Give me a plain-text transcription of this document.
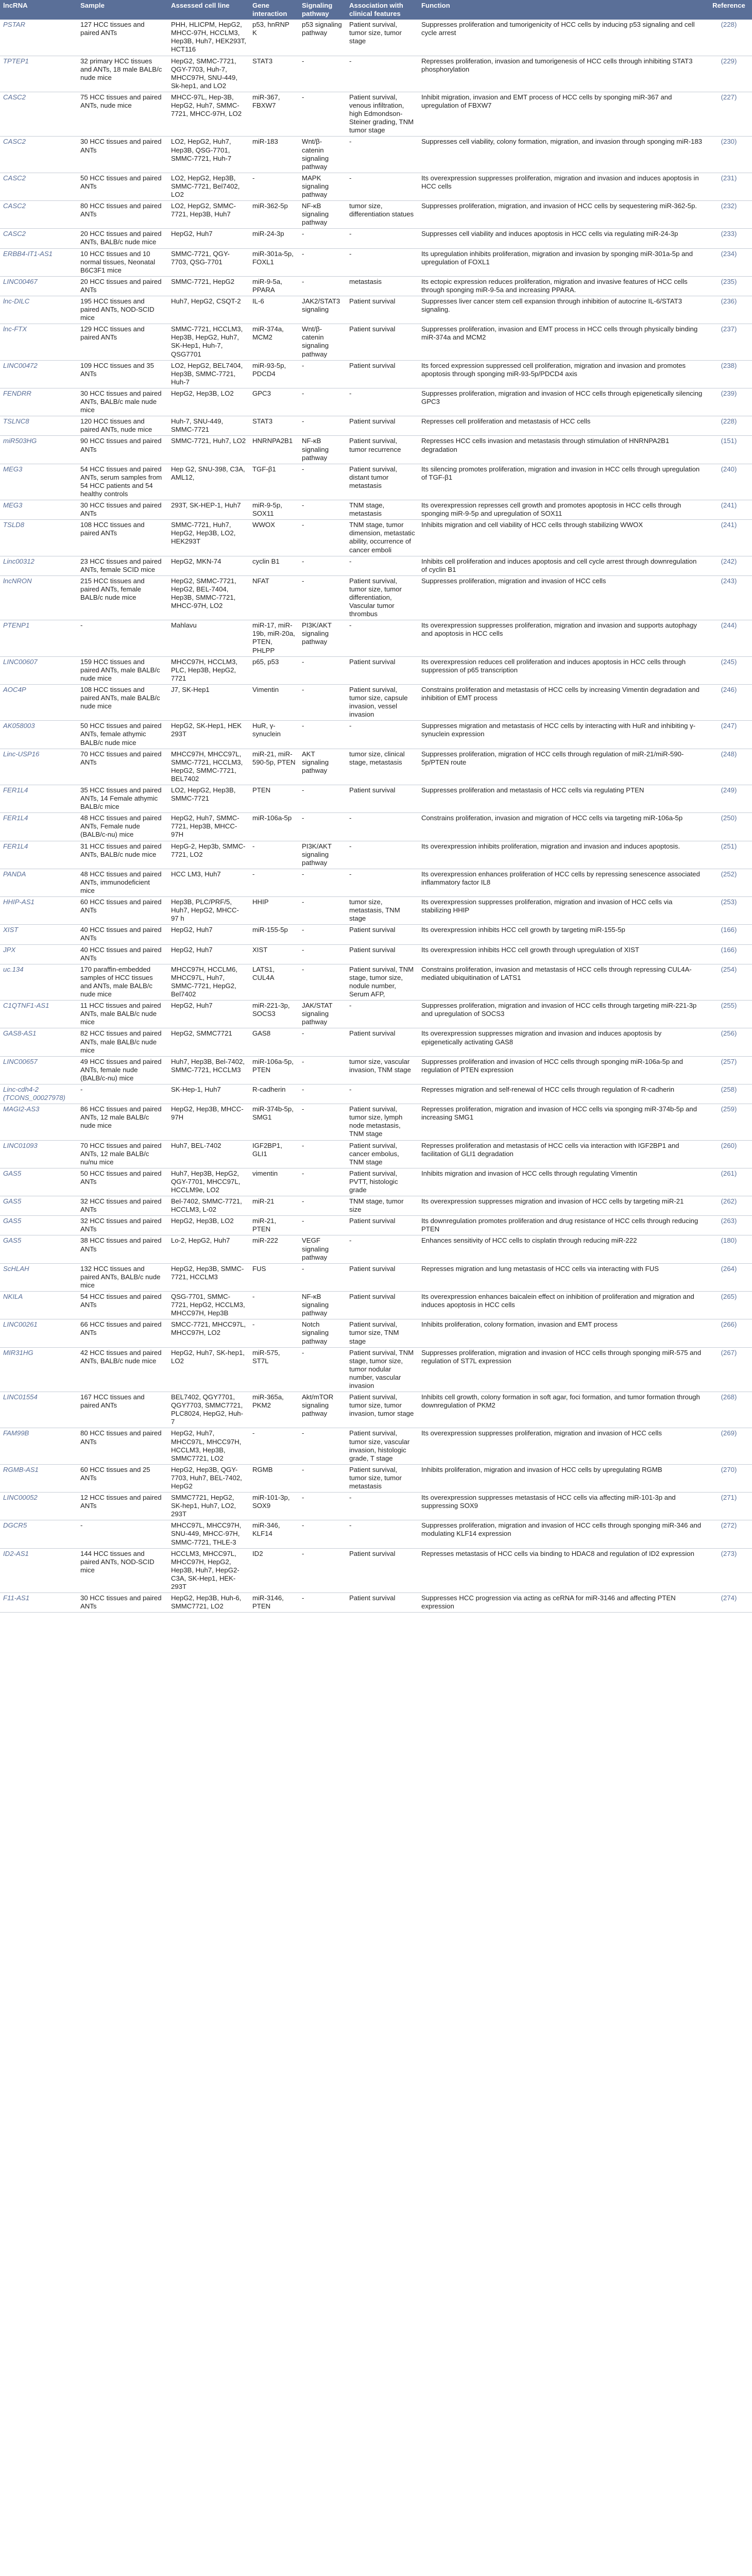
lncRNA	Sample	Assessed cell line	Gene interaction	Signaling pathway	Association with clinical features	Function	Reference
PSTAR	127 HCC tissues and paired ANTs	PHH, HLICPM, HepG2, MHCC-97H, HCCLM3, Hep3B, Huh7, HEK293T, HCT116	p53, hnRNP K	p53 signaling pathway	Patient survival, tumor size, tumor stage	Suppresses proliferation and tumorigenicity of HCC cells by inducing p53 signaling and cell cycle arrest	(228)
TPTEP1	32 primary HCC tissues and ANTs, 18 male BALB/c nude mice	HepG2, SMMC-7721, QGY-7703, Huh-7, MHCC97H, SNU-449, Sk-hep1, and LO2	STAT3	-	-	Represses proliferation, invasion and tumorigenesis of HCC cells through inhibiting STAT3 phosphorylation	(229)
CASC2	75 HCC tissues and paired ANTs, nude mice	MHCC-97L, Hep-3B, HepG2, Huh7, SMMC-7721, MHCC-97H, LO2	miR-367, FBXW7	-	Patient survival, venous infiltration, high Edmondson-Steiner grading, TNM tumor stage	Inhibit migration, invasion and EMT process of HCC cells by sponging miR-367 and upregulation of FBXW7	(227)
CASC2	30 HCC tissues and paired ANTs	LO2, HepG2, Huh7, Hep3B, QSG-7701, SMMC-7721, Huh-7	miR-183	Wnt/β-catenin signaling pathway	-	Suppresses cell viability, colony formation, migration, and invasion through sponging miR-183	(230)
CASC2	50 HCC tissues and paired ANTs	LO2, HepG2, Hep3B, SMMC-7721, Bel7402, LO2	-	MAPK signaling pathway	-	Its overexpression suppresses proliferation, migration and invasion and induces apoptosis in HCC cells	(231)
CASC2	80 HCC tissues and paired ANTs	LO2, HepG2, SMMC-7721, Hep3B, Huh7	miR-362-5p	NF-κB signaling pathway	tumor size, differentiation statues	Suppresses proliferation, migration, and invasion of HCC cells by sequestering miR-362-5p.	(232)
CASC2	20 HCC tissues and paired ANTs, BALB/c nude mice	HepG2, Huh7	miR-24-3p	-	-	Suppresses cell viability and induces apoptosis in HCC cells via regulating miR-24-3p	(233)
ERBB4-IT1-AS1	10 HCC tissues and 10 normal tissues, Neonatal B6C3F1 mice	SMMC-7721, QGY-7703, QSG-7701	miR-301a-5p, FOXL1	-	-	Its upregulation inhibits proliferation, migration and invasion by sponging miR-301a-5p and upregulation of FOXL1	(234)
LINC00467	20 HCC tissues and paired ANTs	SMMC-7721, HepG2	miR-9-5a, PPARA	-	metastasis	Its ectopic expression reduces proliferation, migration and invasive features of HCC cells through sponging miR-9-5a and increasing PPARA.	(235)
lnc-DILC	195 HCC tissues and paired ANTs, NOD-SCID mice	Huh7, HepG2, CSQT-2	IL-6	JAK2/STAT3 signaling	Patient survival	Suppresses liver cancer stem cell expansion through inhibition of autocrine IL-6/STAT3 signaling.	(236)
lnc-FTX	129 HCC tissues and paired ANTs	SMMC-7721, HCCLM3, Hep3B, HepG2, Huh7, SK-Hep1, Huh-7, QSG7701	miR-374a, MCM2	Wnt/β-catenin signaling pathway	Patient survival	Suppresses proliferation, invasion and EMT process in HCC cells through physically binding miR-374a and MCM2	(237)
LINC00472	109 HCC tissues and 35 ANTs	LO2, HepG2, BEL7404, Hep3B, SMMC-7721, Huh-7	miR-93-5p, PDCD4	-	Patient survival	Its forced expression suppressed cell proliferation, migration and invasion and promotes apoptosis through sponging miR-93-5p/PDCD4 axis	(238)
FENDRR	30 HCC tissues and paired ANTs, BALB/c male nude mice	HepG2, Hep3B, LO2	GPC3	-	-	Suppresses proliferation, migration and invasion of HCC cells through epigenetically silencing GPC3	(239)
TSLNC8	120 HCC tissues and paired ANTs, nude mice	Huh-7, SNU-449, SMMC-7721	STAT3	-	Patient survival	Represses cell proliferation and metastasis of HCC cells	(228)
miR503HG	90 HCC tissues and paired ANTs	SMMC-7721, Huh7, LO2	HNRNPA2B1	NF-κB signaling pathway	Patient survival, tumor recurrence	Represses HCC cells invasion and metastasis through stimulation of HNRNPA2B1 degradation	(151)
MEG3	54 HCC tissues and paired ANTs, serum samples from 54 HCC patients and 54 healthy controls	Hep G2, SNU-398, C3A, AML12,	TGF-β1	-	Patient survival, distant tumor metastasis	Its silencing promotes proliferation, migration and invasion in HCC cells through upregulation of TGF-β1	(240)
MEG3	30 HCC tissues and paired ANTs	293T, SK-HEP-1, Huh7	miR-9-5p, SOX11	-	TNM stage, metastasis	Its overexpression represses cell growth and promotes apoptosis in HCC cells through sponging miR-9-5p and upregulation of SOX11	(241)
TSLD8	108 HCC tissues and paired ANTs	SMMC-7721, Huh7, HepG2, Hep3B, LO2, HEK293T	WWOX	-	TNM stage, tumor dimension, metastatic ability, occurrence of cancer emboli	Inhibits migration and cell viability of HCC cells through stabilizing WWOX	(241)
Linc00312	23 HCC tissues and paired ANTs, female SCID mice	HepG2, MKN-74	cyclin B1	-	-	Inhibits cell proliferation and induces apoptosis and cell cycle arrest through downregulation of cyclin B1	(242)
lncNRON	215 HCC tissues and paired ANTs, female BALB/c nude mice	HepG2, SMMC-7721, HepG2, BEL-7404, Hep3B, SMMC-7721, MHCC-97H, LO2	NFAT	-	Patient survival, tumor size, tumor differentiation, Vascular tumor thrombus	Suppresses proliferation, migration and invasion of HCC cells	(243)
PTENP1	-	Mahlavu	miR-17, miR-19b, miR-20a, PTEN, PHLPP	PI3K/AKT signaling pathway	-	Its overexpression suppresses proliferation, migration and invasion and supports autophagy and apoptosis in HCC cells	(244)
LINC00607	159 HCC tissues and paired ANTs, male BALB/c nude mice	MHCC97H, HCCLM3, PLC, Hep3B, HepG2, 7721	p65, p53	-	Patient survival	Its overexpression reduces cell proliferation and induces apoptosis in HCC cells through suppression of p65 transcription	(245)
AOC4P	108 HCC tissues and paired ANTs, male BALB/c nude mice	J7, SK-Hep1	Vimentin	-	Patient survival, tumor size, capsule invasion, vessel invasion	Constrains proliferation and metastasis of HCC cells by increasing Vimentin degradation and inhibition of EMT process	(246)
AK058003	50 HCC tissues and paired ANTs, female athymic BALB/c nude mice	HepG2, SK-Hep1, HEK 293T	HuR, γ-synuclein	-	-	Suppresses migration and metastasis of HCC cells by interacting with HuR and inhibiting γ-synuclein expression	(247)
Linc-USP16	70 HCC tissues and paired ANTs	MHCC97H, MHCC97L, SMMC-7721, HCCLM3, HepG2, SMMC-7721, BEL7402	miR-21, miR-590-5p, PTEN	AKT signaling pathway	tumor size, clinical stage, metastasis	Suppresses proliferation, migration of HCC cells through regulation of miR-21/miR-590-5p/PTEN route	(248)
FER1L4	35 HCC tissues and paired ANTs, 14 Female athymic BALB/c mice	LO2, HepG2, Hep3B, SMMC-7721	PTEN	-	Patient survival	Suppresses proliferation and metastasis of HCC cells via regulating PTEN	(249)
FER1L4	48 HCC tissues and paired ANTs, Female nude (BALB/c-nu) mice	HepG2, Huh7, SMMC-7721, Hep3B, MHCC-97H	miR-106a-5p	-	-	Constrains proliferation, invasion and migration of HCC cells via targeting miR-106a-5p	(250)
FER1L4	31 HCC tissues and paired ANTs, BALB/c nude mice	HepG-2, Hep3b, SMMC-7721, LO2	-	PI3K/AKT signaling pathway	-	Its overexpression inhibits proliferation, migration and invasion and induces apoptosis.	(251)
PANDA	48 HCC tissues and paired ANTs, immunodeficient mice	HCC LM3, Huh7	-	-	-	Its overexpression enhances proliferation of HCC cells by repressing senescence associated inflammatory factor IL8	(252)
HHIP-AS1	60 HCC tissues and paired ANTs	Hep3B, PLC/PRF/5, Huh7, HepG2, MHCC-97 h	HHIP	-	tumor size, metastasis, TNM stage	Its overexpression suppresses proliferation, migration and invasion of HCC cells via stabilizing HHIP	(253)
XIST	40 HCC tissues and paired ANTs	HepG2, Huh7	miR-155-5p	-	Patient survival	Its overexpression inhibits HCC cell growth by targeting miR-155-5p	(166)
JPX	40 HCC tissues and paired ANTs	HepG2, Huh7	XIST	-	Patient survival	Its overexpression inhibits HCC cell growth through upregulation of XIST	(166)
uc.134	170 paraffin-embedded samples of HCC tissues and ANTs, male BALB/c nude mice	MHCC97H, HCCLM6, MHCC97L, Huh7, SMMC-7721, HepG2, Bel7402	LATS1, CUL4A	-	Patient survival, TNM stage, tumor size, nodule number, Serum AFP,	Constrains proliferation, invasion and metastasis of HCC cells through repressing CUL4A-mediated ubiquitination of LATS1	(254)
C1QTNF1-AS1	11 HCC tissues and paired ANTs, male BALB/c nude mice	HepG2, Huh7	miR-221-3p, SOCS3	JAK/STAT signaling pathway	-	Suppresses proliferation, migration and invasion of HCC cells through targeting miR-221-3p and upregulation of SOCS3	(255)
GAS8-AS1	82 HCC tissues and paired ANTs, male BALB/c nude mice	HepG2, SMMC7721	GAS8	-	Patient survival	Its overexpression suppresses migration and invasion and induces apoptosis by epigenetically activating GAS8	(256)
LINC00657	49 HCC tissues and paired ANTs, female nude (BALB/c-nu) mice	Huh7, Hep3B, Bel-7402, SMMC-7721, HCCLM3	miR-106a-5p, PTEN	-	tumor size, vascular invasion, TNM stage	Suppresses proliferation and invasion of HCC cells through sponging miR-106a-5p and regulation of PTEN expression	(257)
Linc-cdh4-2 (TCONS_00027978)	-	SK-Hep-1, Huh7	R-cadherin	-	-	Represses migration and self-renewal of HCC cells through regulation of R-cadherin	(258)
MAGI2-AS3	86 HCC tissues and paired ANTs, 12 male BALB/c nude mice	HepG2, Hep3B, MHCC-97H	miR-374b-5p, SMG1	-	Patient survival, tumor size, lymph node metastasis, TNM stage	Represses proliferation, migration and invasion of HCC cells via sponging miR-374b-5p and increasing SMG1	(259)
LINC01093	70 HCC tissues and paired ANTs, 12 male BALB/c nu/nu mice	Huh7, BEL-7402	IGF2BP1, GLI1	-	Patient survival, cancer embolus, TNM stage	Represses proliferation and metastasis of HCC cells via interaction with IGF2BP1 and facilitation of GLI1 degradation	(260)
GAS5	50 HCC tissues and paired ANTs	Huh7, Hep3B, HepG2, QGY-7701, MHCC97L, HCCLM9e, LO2	vimentin	-	Patient survival, PVTT, histologic grade	Inhibits migration and invasion of HCC cells through regulating Vimentin	(261)
GAS5	32 HCC tissues and paired ANTs	Bel-7402, SMMC-7721, HCCLM3, L-02	miR-21	-	TNM stage, tumor size	Its overexpression suppresses migration and invasion of HCC cells by targeting miR-21	(262)
GAS5	32 HCC tissues and paired ANTs	HepG2, Hep3B, LO2	miR-21, PTEN	-	Patient survival	Its downregulation promotes proliferation and drug resistance of HCC cells through reducing PTEN	(263)
GAS5	38 HCC tissues and paired ANTs	Lo-2, HepG2, Huh7	miR-222	VEGF signaling pathway	-	Enhances sensitivity of HCC cells to cisplatin through reducing miR-222	(180)
ScHLAH	132 HCC tissues and paired ANTs, BALB/c nude mice	HepG2, Hep3B, SMMC-7721, HCCLM3	FUS	-	Patient survival	Represses migration and lung metastasis of HCC cells via interacting with FUS	(264)
NKILA	54 HCC tissues and paired ANTs	QSG-7701, SMMC-7721, HepG2, HCCLM3, MHCC97H, Hep3B	-	NF-κB signaling pathway	Patient survival	Its overexpression enhances baicalein effect on inhibition of proliferation and migration and induces apoptosis in HCC cells	(265)
LINC00261	66 HCC tissues and paired ANTs	SMCC-7721, MHCC97L, MHCC97H, LO2	-	Notch signaling pathway	Patient survival, tumor size, TNM stage	Inhibits proliferation, colony formation, invasion and EMT process	(266)
MIR31HG	42 HCC tissues and paired ANTs, BALB/c nude mice	HepG2, Huh7, SK-hep1, LO2	miR-575, ST7L	-	Patient survival, TNM stage, tumor size, tumor nodular number, vascular invasion	Suppresses proliferation, migration and invasion of HCC cells through sponging miR-575 and regulation of ST7L expression	(267)
LINC01554	167 HCC tissues and paired ANTs	BEL7402, QGY7701, QGY7703, SMMC7721, PLC8024, HepG2, Huh-7	miR-365a, PKM2	Akt/mTOR signaling pathway	Patient survival, tumor size, tumor invasion, tumor stage	Inhibits cell growth, colony formation in soft agar, foci formation, and tumor formation through downregulation of PKM2	(268)
FAM99B	80 HCC tissues and paired ANTs	HepG2, Huh7, MHCC97L, MHCC97H, HCCLM3, Hep3B, SMMC7721, LO2	-	-	Patient survival, tumor size, vascular invasion, histologic grade, T stage	Its overexpression suppresses proliferation, migration and invasion of HCC cells	(269)
RGMB-AS1	60 HCC tissues and 25 ANTs	HepG2, Hep3B, QGY-7703, Huh7, BEL-7402, HepG2	RGMB	-	Patient survival, tumor size, tumor metastasis	Inhibits proliferation, migration and invasion of HCC cells by upregulating RGMB	(270)
LINC00052	12 HCC tissues and paired ANTs	SMMC7721, HepG2, SK-hep1, Huh7, LO2, 293T	miR-101-3p, SOX9	-	-	Its overexpression suppresses metastasis of HCC cells via affecting miR-101-3p and suppressing SOX9	(271)
DGCR5	-	MHCC97L, MHCC97H, SNU-449, MHCC-97H, SMMC-7721, THLE-3	miR-346, KLF14	-	-	Suppresses proliferation, migration and invasion of HCC cells through sponging miR-346 and modulating KLF14 expression	(272)
ID2-AS1	144 HCC tissues and paired ANTs, NOD-SCID mice	HCCLM3, MHCC97L, MHCC97H, HepG2, Hep3B, Huh7, HepG2-C3A, SK-Hep1, HEK-293T	ID2	-	Patient survival	Represses metastasis of HCC cells via binding to HDAC8 and regulation of ID2 expression	(273)
F11-AS1	30 HCC tissues and paired ANTs	HepG2, Hep3B, Huh-6, SMMC7721, LO2	miR-3146, PTEN	-	Patient survival	Suppresses HCC progression via acting as ceRNA for miR-3146 and affecting PTEN expression	(274)
